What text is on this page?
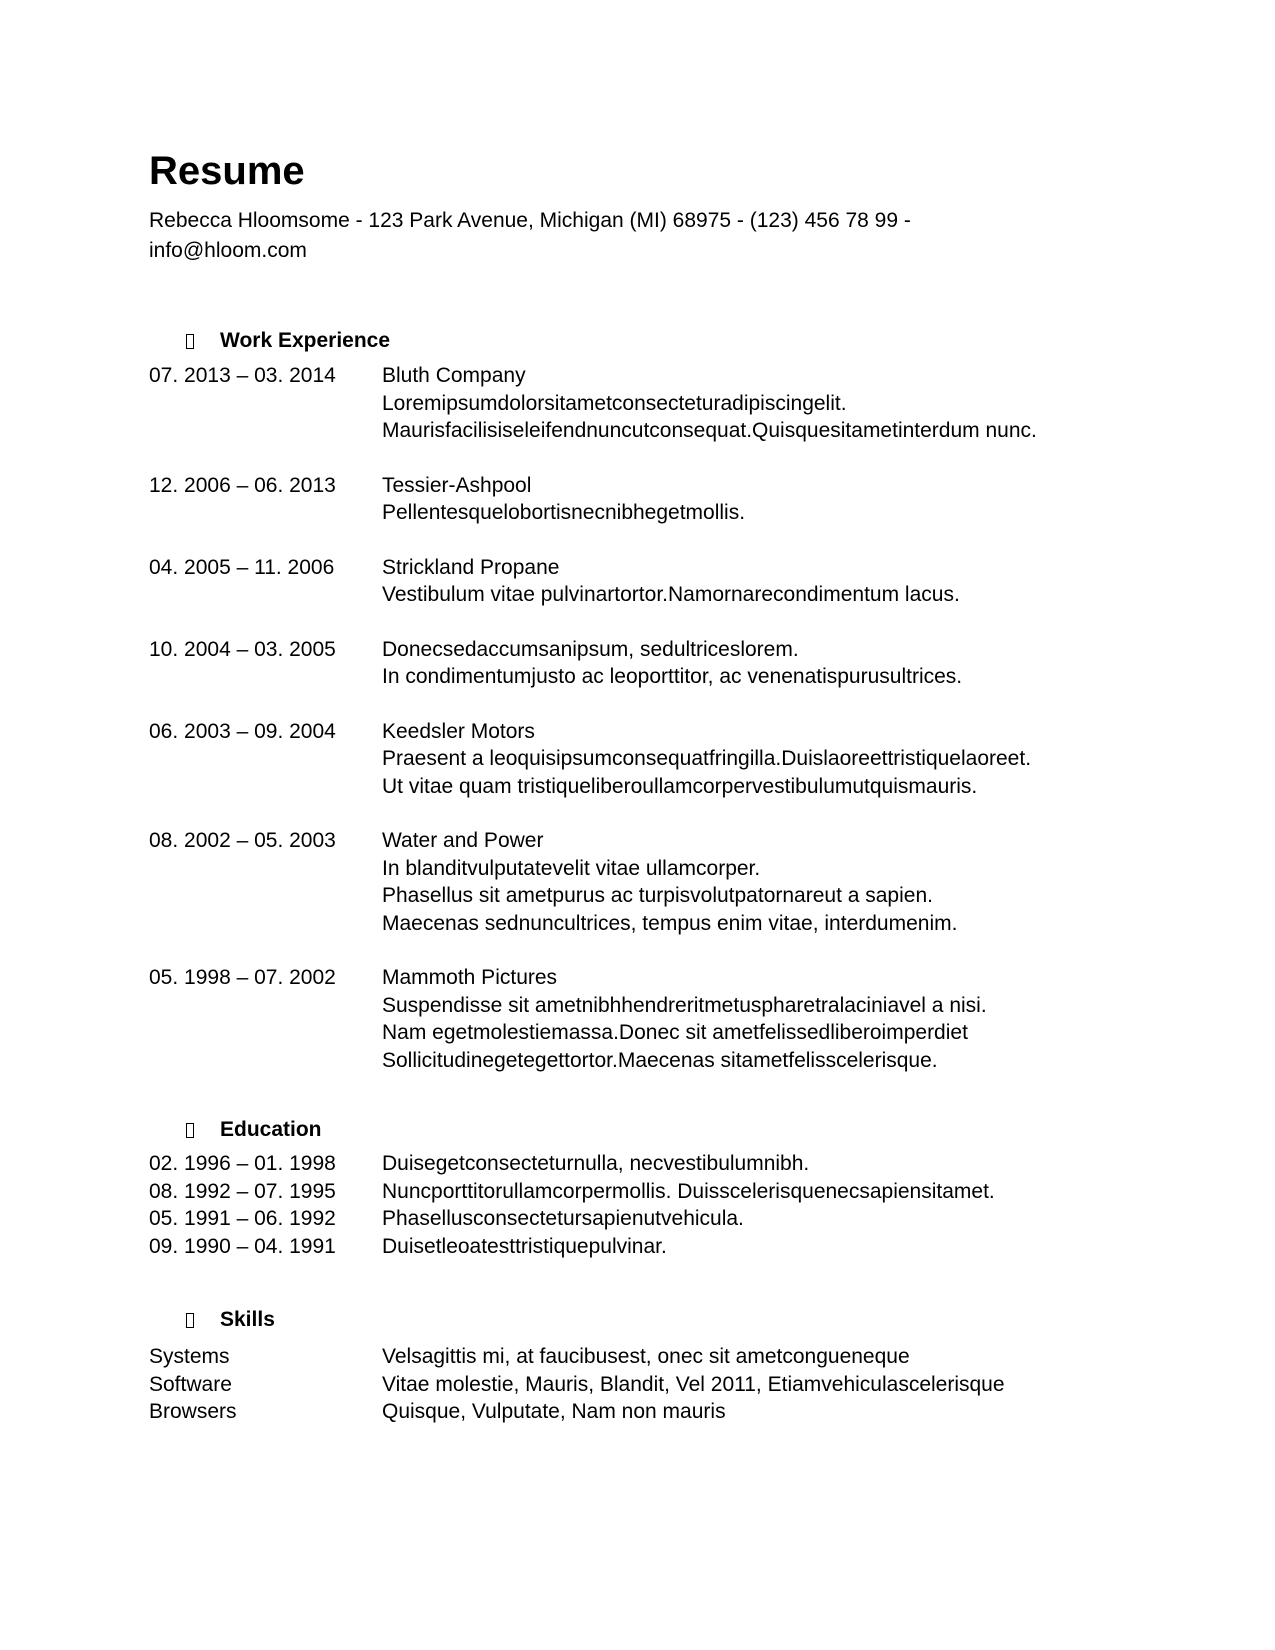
Resume
Rebecca Hloomsome - 123 Park Avenue, Michigan (MI) 68975 - (123) 456 78 99 -
info@hloom.com
Work Experience
07. 2013 – 03. 2014	Bluth Company
Loremipsumdolorsitametconsecteturadipiscingelit.
Maurisfacilisiseleifendnuncutconsequat.Quisquesitametinterdum nunc.
12. 2006 – 06. 2013	Tessier-Ashpool
Pellentesquelobortisnecnibhegetmollis.
04. 2005 – 11. 2006	Strickland Propane
Vestibulum vitae pulvinartortor.Namornarecondimentum lacus.
10. 2004 – 03. 2005	Donecsedaccumsanipsum, sedultriceslorem.
In condimentumjusto ac leoporttitor, ac venenatispurusultrices.
06. 2003 – 09. 2004	Keedsler Motors
Praesent a leoquisipsumconsequatfringilla.Duislaoreettristiquelaoreet.
Ut vitae quam tristiqueliberoullamcorpervestibulumutquismauris.
08. 2002 – 05. 2003	Water and Power
In blanditvulputatevelit vitae ullamcorper.
Phasellus sit ametpurus ac turpisvolutpatornareut a sapien.
Maecenas sednuncultrices, tempus enim vitae, interdumenim.
05. 1998 – 07. 2002	Mammoth Pictures
Suspendisse sit ametnibhhendreritmetuspharetralaciniavel a nisi.
Nam egetmolestiemassa.Donec sit ametfelissedliberoimperdiet
Sollicitudinegetegettortor.Maecenas sitametfelisscelerisque.
Education
02. 1996 – 01. 1998	Duisegetconsecteturnulla, necvestibulumnibh.
08. 1992 – 07. 1995	Nuncporttitorullamcorpermollis. Duisscelerisquenecsapiensitamet.
05. 1991 – 06. 1992	Phasellusconsectetursapienutvehicula.
09. 1990 – 04. 1991	Duisetleoatesttristiquepulvinar.
Skills
Systems	Velsagittis mi, at faucibusest, onec sit ametcongueneque
Software	Vitae molestie, Mauris, Blandit, Vel 2011, Etiamvehiculascelerisque
Browsers	Quisque, Vulputate, Nam non mauris
